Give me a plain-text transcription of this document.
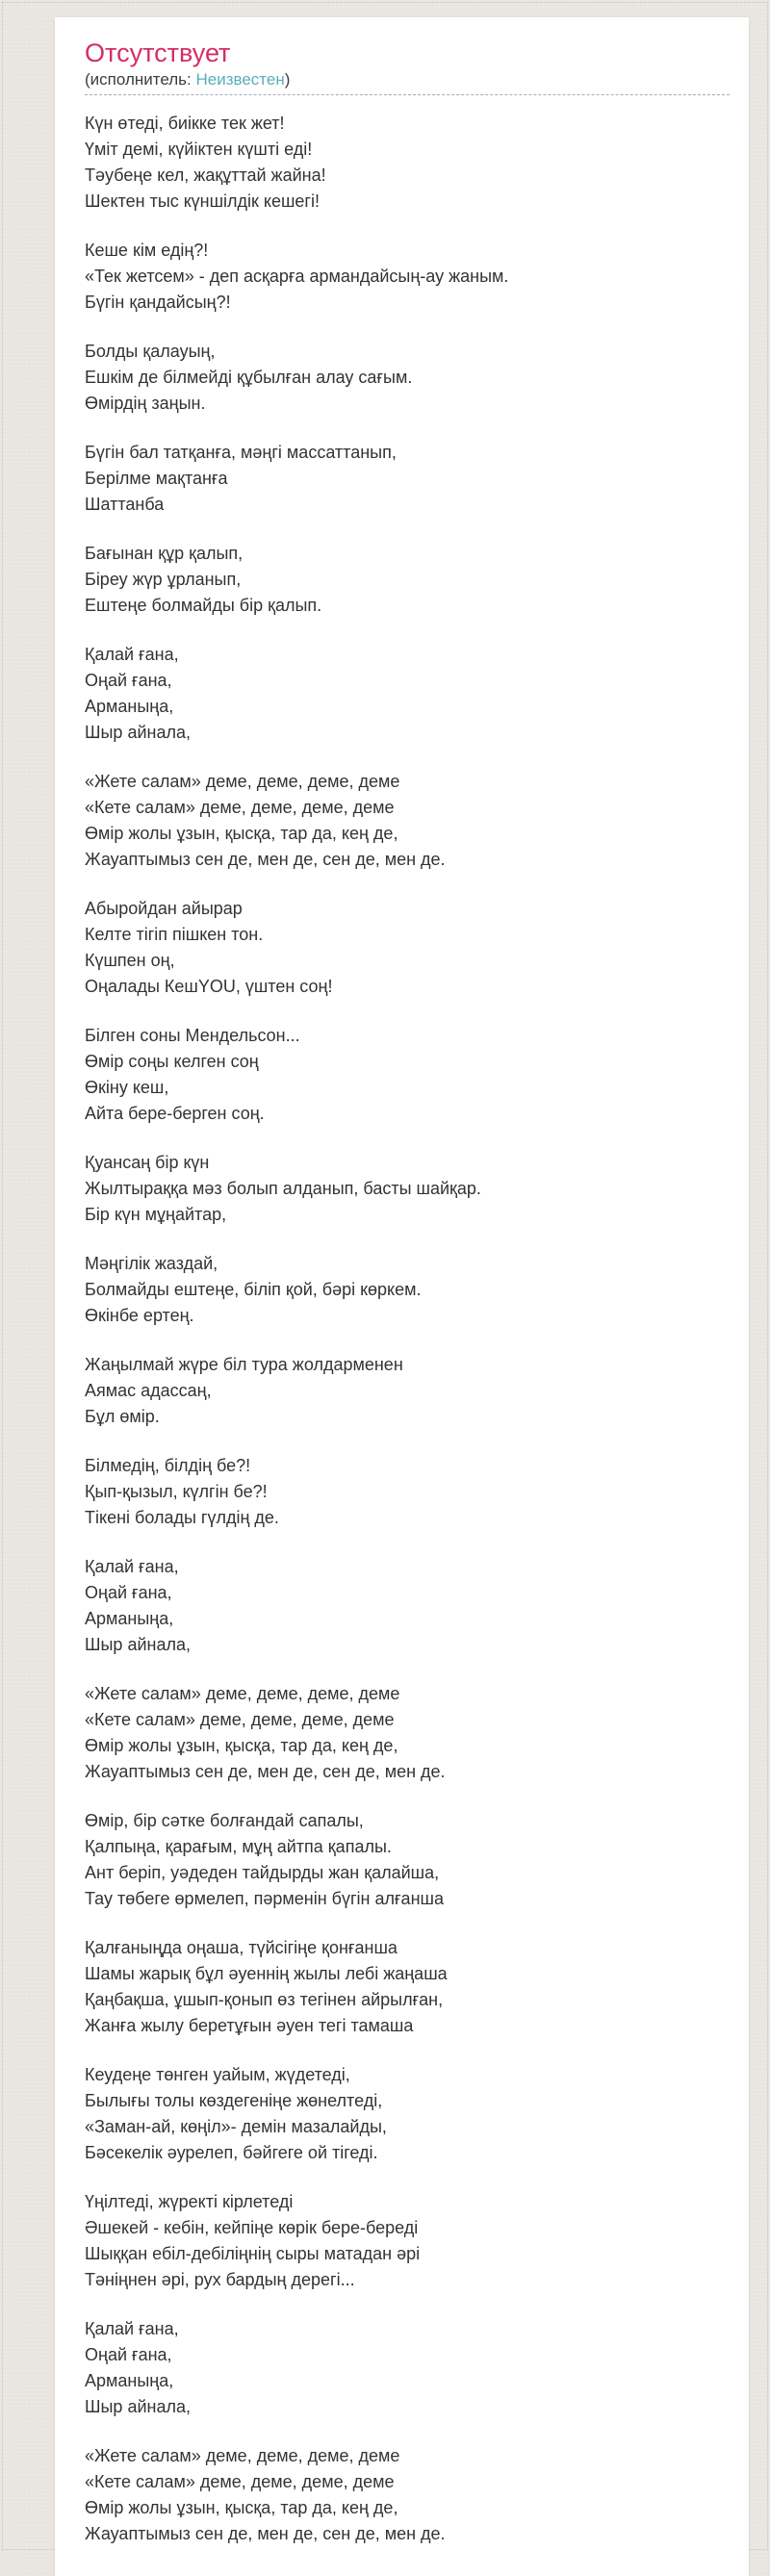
Отсутствует
(исполнитель: Неизвестен)
Күн өтеді, биікке тек жет!
Үміт демі, күйіктен күшті еді!
Тәубеңе кел, жақұттай жайна!
Шектен тыс күншілдік кешегі!
Кеше кім едің?!
«Тек жетсем» - деп асқарға армандайсың-ау жаным.
Бүгін қандайсың?!
Болды қалауың,
Ешкім де білмейді құбылған алау сағым.
Өмірдің заңын.
Бүгін бал татқанға, мәңгі массаттанып,
Берілме мақтанға
Шаттанба
Бағынан құр қалып,
Біреу жүр ұрланып,
Ештеңе болмайды бір қалып.
Қалай ғана,
Оңай ғана,
Арманыңа,
Шыр айнала,
«Жете салам» деме, деме, деме, деме
«Кете салам» деме, деме, деме, деме
Өмір жолы ұзын, қысқа, тар да, кең де,
Жауаптымыз сен де, мен де, сен де, мен де.
Абыройдан айырар
Келте тігіп пішкен тон.
Күшпен оң,
Оңалады КешYOU, үштен соң!
Білген соны Мендельсон...
Өмір соңы келген соң
Өкіну кеш,
Айта бере-берген соң.
Қуансаң бір күн
Жылтыраққа мәз болып алданып, басты шайқар.
Бір күн мұңайтар,
Мәңгілік жаздай,
Болмайды ештеңе, біліп қой, бәрі көркем.
Өкінбе ертең.
Жаңылмай жүре біл тура жолдарменен
Аямас адассаң,
Бұл өмір.
Білмедің, білдің бе?!
Қып-қызыл, күлгін бе?!
Тікені болады гүлдің де.
Қалай ғана,
Оңай ғана,
Арманыңа,
Шыр айнала,
«Жете салам» деме, деме, деме, деме
«Кете салам» деме, деме, деме, деме
Өмір жолы ұзын, қысқа, тар да, кең де,
Жауаптымыз сен де, мен де, сен де, мен де.
Өмір, бір сәтке болғандай сапалы,
Қалпыңа, қарағым, мұң айтпа қапалы.
Ант беріп, уәдеден тайдырды жан қалайша,
Тау төбеге өрмелеп, пәрменін бүгін алғанша
Қалғаныңда оңаша, түйсігіңе қонғанша
Шамы жарық бұл әуеннің жылы лебі жаңаша
Қаңбақша, ұшып-қонып өз тегінен айрылған,
Жанға жылу беретұғын әуен тегі тамаша
Кеудеңе төнген уайым, жүдетеді,
Былығы толы көздегеніңе жөнелтеді,
«Заман-ай, көңіл»- демін мазалайды,
Бәсекелік әурелеп, бәйгеге ой тігеді.
Үңілтеді, жүректі кірлетеді
Әшекей - кебін, кейпіңе көрік бере-береді
Шыққан ебіл-дебіліңнің сыры матадан әрі
Тәніңнен әрі, рух бардың дерегі...
Қалай ғана,
Оңай ғана,
Арманыңа,
Шыр айнала,
«Жете салам» деме, деме, деме, деме
«Кете салам» деме, деме, деме, деме
Өмір жолы ұзын, қысқа, тар да, кең де,
Жауаптымыз сен де, мен де, сен де, мен де.
